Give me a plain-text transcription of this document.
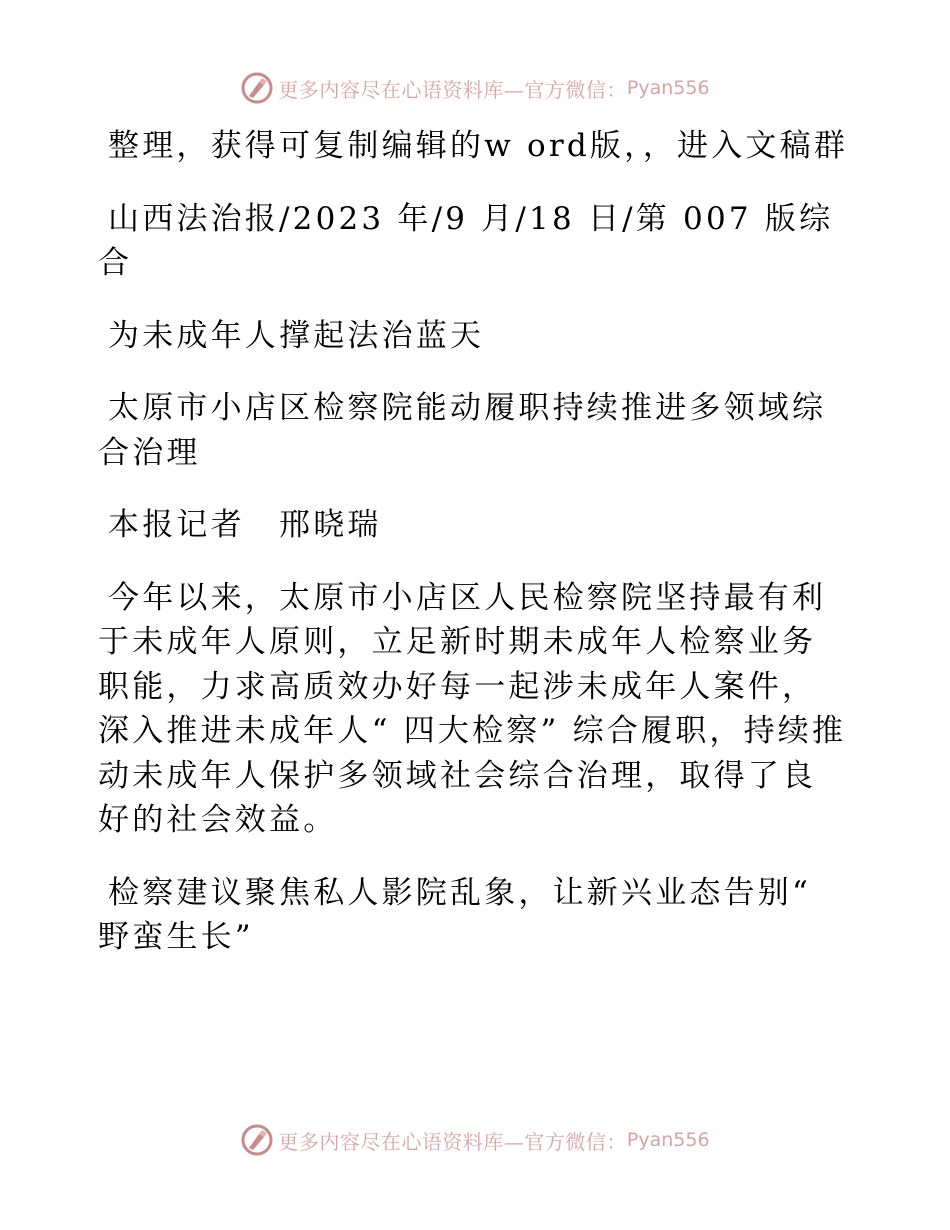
更多内容尽在心语资料库—官方微信： Pyan556

整理，获得可复制编辑的w ord版，，进入文稿群

山西法治报/2023 年/9 月/18 日/第 007 版综合

为未成年人撑起法治蓝天

太原市小店区检察院能动履职持续推进多领域综合治理

本报记者　邢晓瑞

今年以来，太原市小店区人民检察院坚持最有利于未成年人原则，立足新时期未成年人检察业务职能，力求高质效办好每一起涉未成年人案件，深入推进未成年人“ 四大检察” 综合履职，持续推动未成年人保护多领域社会综合治理，取得了良好的社会效益。

检察建议聚焦私人影院乱象，让新兴业态告别“ 野蛮生长”

更多内容尽在心语资料库—官方微信： Pyan556
